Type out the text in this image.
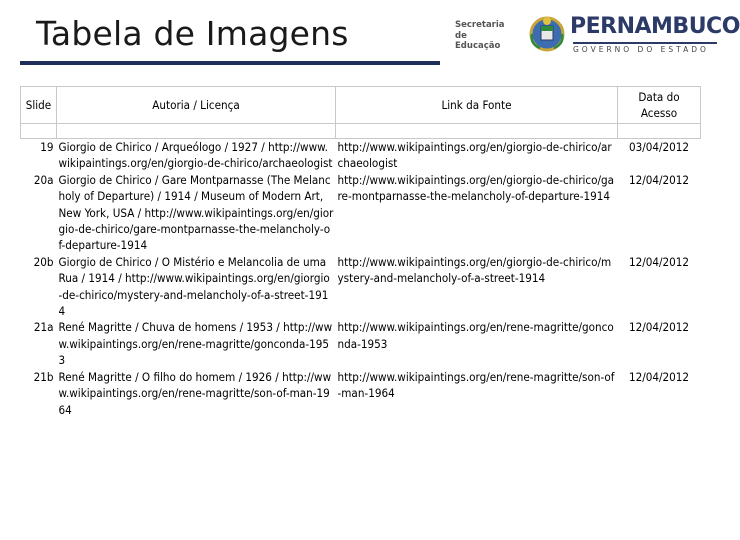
Tabela de Imagens	Secretaria de
Educação
PERNAMBUCO
GOVERNO DO ESTADO
Slide	Autoria / Licença	Link da Fonte	Data do Acesso

19	Giorgio de Chirico / Arqueólogo / 1927 / http://www.wikipaintings.org/en/giorgio-de-chirico/archaeologist	http://www.wikipaintings.org/en/giorgio-de-chirico/archaeologist	03/04/2012
20a	Giorgio de Chirico / Gare Montparnasse (The Melancholy of Departure) / 1914 / Museum of Modern Art, New York, USA / http://www.wikipaintings.org/en/giorgio-de-chirico/gare-montparnasse-the-melancholy-of-departure-1914	http://www.wikipaintings.org/en/giorgio-de-chirico/gare-montparnasse-the-melancholy-of-departure-1914	12/04/2012
20b	Giorgio de Chirico / O Mistério e Melancolia de uma Rua / 1914 / http://www.wikipaintings.org/en/giorgio-de-chirico/mystery-and-melancholy-of-a-street-1914	http://www.wikipaintings.org/en/giorgio-de-chirico/mystery-and-melancholy-of-a-street-1914	12/04/2012
21a	René Magritte / Chuva de homens / 1953 / http://www.wikipaintings.org/en/rene-magritte/gonconda-1953	http://www.wikipaintings.org/en/rene-magritte/gonconda-1953	12/04/2012
21b	René Magritte / O filho do homem / 1926 / http://www.wikipaintings.org/en/rene-magritte/son-of-man-1964	http://www.wikipaintings.org/en/rene-magritte/son-of-man-1964	12/04/2012
